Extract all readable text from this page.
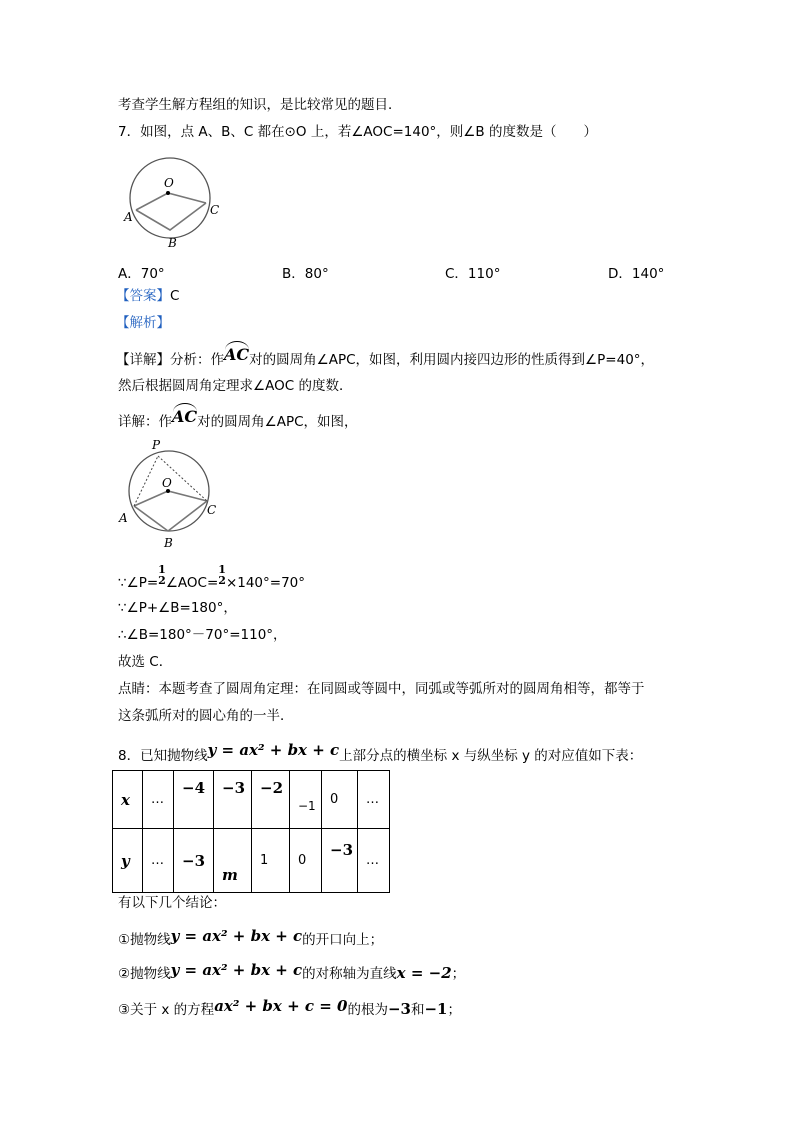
考查学生解方程组的知识，是比较常见的题目．
7．如图，点 A、B、C 都在⊙O 上，若∠AOC=140°，则∠B 的度数是（　　）
O
A	C
B
A．70°	B．80°	C．110°	D．140°
【答案】C
【解析】
【详解】分析：作AC对的圆周角∠APC，如图，利用圆内接四边形的性质得到∠P=40°，
然后根据圆周角定理求∠AOC 的度数．
详解：作AC对的圆周角∠APC，如图，
P
O
A
C
B
∵∠P=1
2∠AOC=1
2×140°=70°
∵∠P+∠B=180°，
∴∠B=180°－70°=110°，
故选 C．
点睛：本题考查了圆周角定理：在同圆或等圆中，同弧或等弧所对的圆周角相等，都等于
这条弧所对的圆心角的一半．
8．已知抛物线y = ax² + bx + c上部分点的横坐标 x 与纵坐标 y 的对应值如下表：
x	…	−4	−3	−2	−1	0	…
y	…	−3	m	1	0	−3	…
有以下几个结论：
①抛物线y = ax² + bx + c的开口向上；
②抛物线y = ax² + bx + c的对称轴为直线x = −2；
③关于 x 的方程ax² + bx + c = 0的根为−3和−1；
